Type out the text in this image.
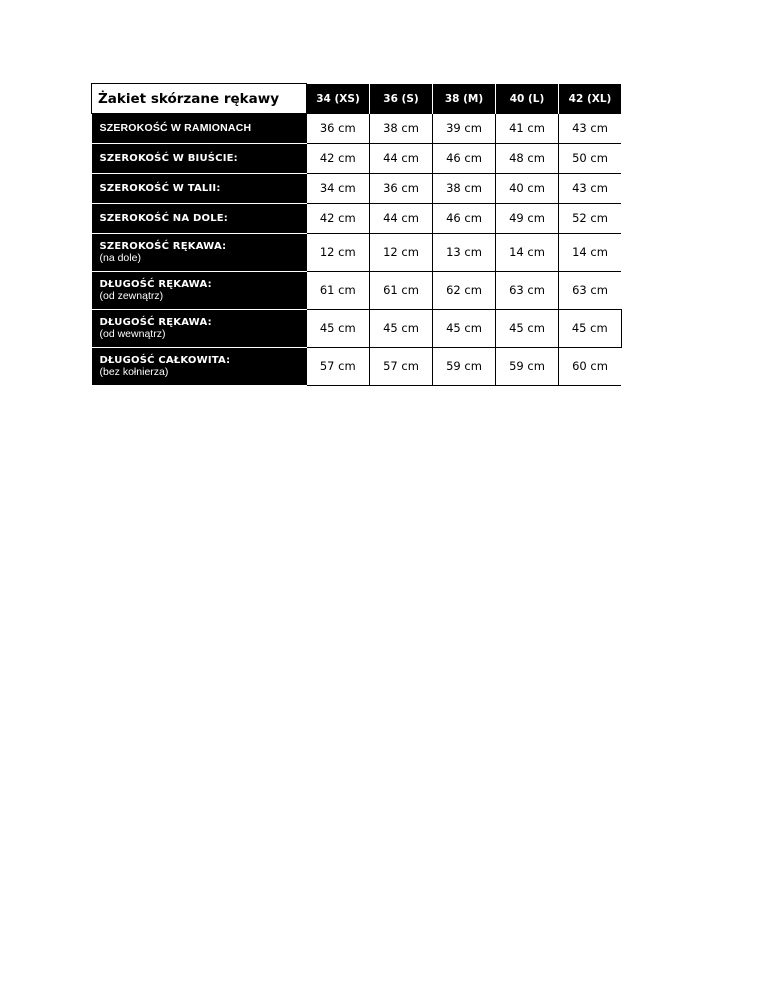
Żakiet skórzane rękawy	34 (XS)	36 (S)	38 (M)	40 (L)	42 (XL)
SZEROKOŚĆ W RAMIONACH	36 cm	38 cm	39 cm	41 cm	43 cm
SZEROKOŚĆ W BIUŚCIE:	42 cm	44 cm	46 cm	48 cm	50 cm
SZEROKOŚĆ W TALII:	34 cm	36 cm	38 cm	40 cm	43 cm
SZEROKOŚĆ NA DOLE:	42 cm	44 cm	46 cm	49 cm	52 cm
SZEROKOŚĆ RĘKAWA:
(na dole)	12 cm	12 cm	13 cm	14 cm	14 cm
DŁUGOŚĆ RĘKAWA:
(od zewnątrz)	61 cm	61 cm	62 cm	63 cm	63 cm
DŁUGOŚĆ RĘKAWA:
(od wewnątrz)	45 cm	45 cm	45 cm	45 cm	45 cm
DŁUGOŚĆ CAŁKOWITA:
(bez kołnierza)	57 cm	57 cm	59 cm	59 cm	60 cm
